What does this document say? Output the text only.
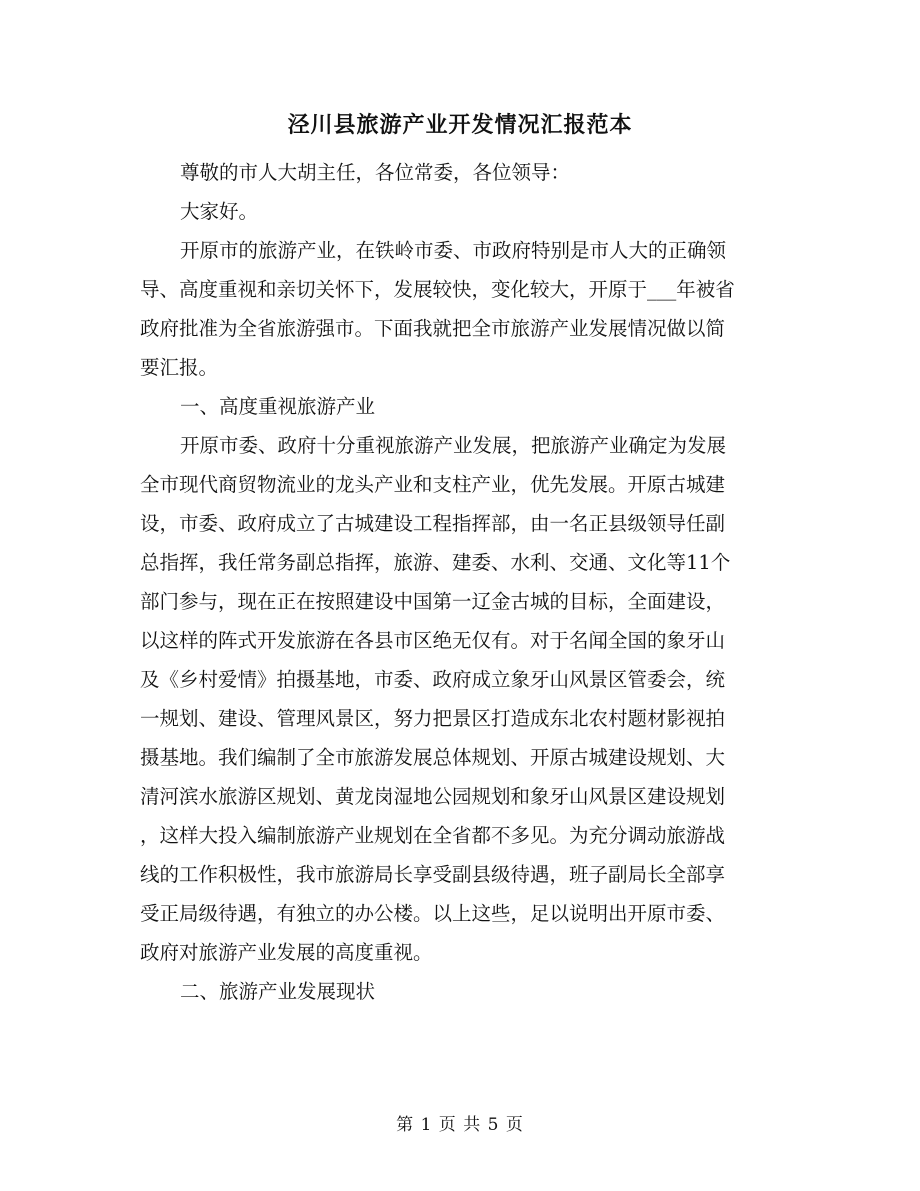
泾川县旅游产业开发情况汇报范本
尊敬的市人大胡主任，各位常委，各位领导：
大家好。
开原市的旅游产业，在铁岭市委、市政府特别是市人大的正确领
导、高度重视和亲切关怀下，发展较快，变化较大，开原于___年被省
政府批准为全省旅游强市。下面我就把全市旅游产业发展情况做以简
要汇报。
一、高度重视旅游产业
开原市委、政府十分重视旅游产业发展，把旅游产业确定为发展
全市现代商贸物流业的龙头产业和支柱产业，优先发展。开原古城建
设，市委、政府成立了古城建设工程指挥部，由一名正县级领导任副
总指挥，我任常务副总指挥，旅游、建委、水利、交通、文化等11个
部门参与，现在正在按照建设中国第一辽金古城的目标，全面建设，
以这样的阵式开发旅游在各县市区绝无仅有。对于名闻全国的象牙山
及《乡村爱情》拍摄基地，市委、政府成立象牙山风景区管委会，统
一规划、建设、管理风景区，努力把景区打造成东北农村题材影视拍
摄基地。我们编制了全市旅游发展总体规划、开原古城建设规划、大
清河滨水旅游区规划、黄龙岗湿地公园规划和象牙山风景区建设规划
，这样大投入编制旅游产业规划在全省都不多见。为充分调动旅游战
线的工作积极性，我市旅游局长享受副县级待遇，班子副局长全部享
受正局级待遇，有独立的办公楼。以上这些，足以说明出开原市委、
政府对旅游产业发展的高度重视。
二、旅游产业发展现状
第 1 页 共 5 页
